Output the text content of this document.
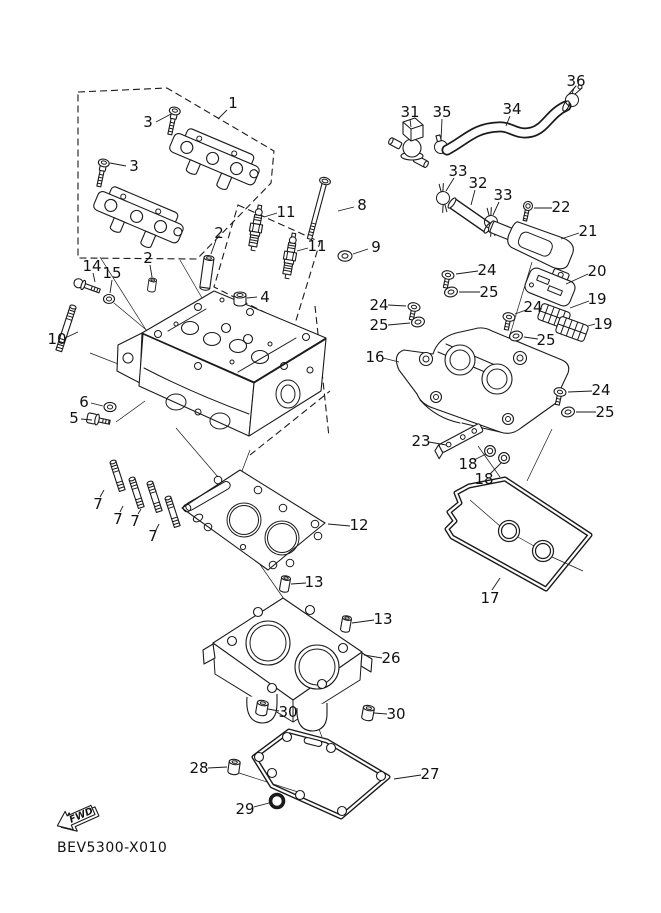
FWD
BEV5300-X010
1
3
3
11
11
2
2
14 15
10
4
6
5
7
7 7
7
8
9
31 35	34
36
33
32
33
22
21
20
19
19
24
25
24
25
24
25
24
25
16
23
18
18
12
17
13
13
26
30	30
28	27
29
